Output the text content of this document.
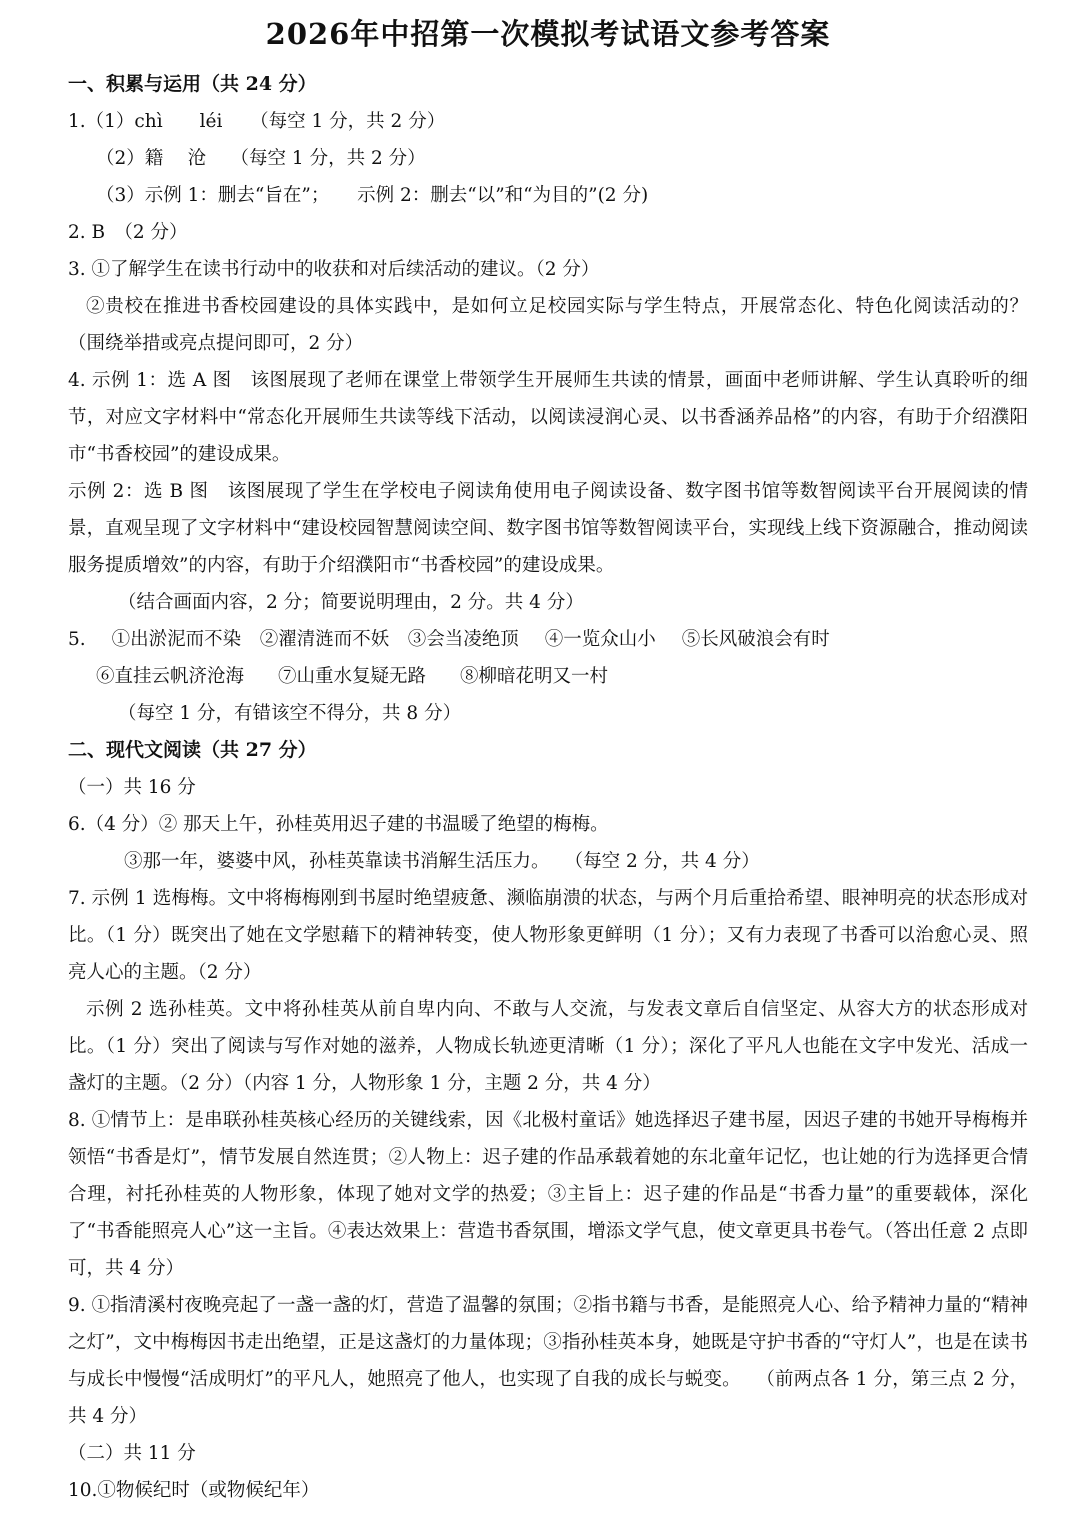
2026年中招第一次模拟考试语文参考答案
一、积累与运用（共 24 分）
1.（1）chì　　léi　　（每空 1 分，共 2 分）
（2）籍　 沧　 （每空 1 分，共 2 分）
（3）示例 1：删去“旨在”；　　示例 2：删去“以”和“为目的”(2 分)
2. B　（2 分）
3. ①了解学生在读书行动中的收获和对后续活动的建议。（2 分）
②贵校在推进书香校园建设的具体实践中，是如何立足校园实际与学生特点，开展常态化、特色化阅读活动的？（围绕举措或亮点提问即可，2 分）
4. 示例 1：选 A 图　该图展现了老师在课堂上带领学生开展师生共读的情景，画面中老师讲解、学生认真聆听的细节，对应文字材料中“常态化开展师生共读等线下活动，以阅读浸润心灵、以书香涵养品格”的内容，有助于介绍濮阳市“书香校园”的建设成果。
示例 2：选 B 图　该图展现了学生在学校电子阅读角使用电子阅读设备、数字图书馆等数智阅读平台开展阅读的情景，直观呈现了文字材料中“建设校园智慧阅读空间、数字图书馆等数智阅读平台，实现线上线下资源融合，推动阅读服务提质增效”的内容，有助于介绍濮阳市“书香校园”的建设成果。
（结合画面内容，2 分；简要说明理由，2 分。共 4 分）
5. ①出淤泥而不染　 ②濯清涟而不妖　 ③会当凌绝顶 ④一览众山小 ⑤长风破浪会有时
⑥直挂云帆济沧海 ⑦山重水复疑无路 ⑧柳暗花明又一村
（每空 1 分，有错该空不得分，共 8 分）
二、现代文阅读（共 27 分）
（一）共 16 分
6.（4 分）② 那天上午，孙桂英用迟子建的书温暖了绝望的梅梅。
③那一年，婆婆中风，孙桂英靠读书消解生活压力。　 （每空 2 分，共 4 分）
7. 示例 1 选梅梅。文中将梅梅刚到书屋时绝望疲惫、濒临崩溃的状态，与两个月后重拾希望、眼神明亮的状态形成对比。（1 分）既突出了她在文学慰藉下的精神转变，使人物形象更鲜明（1 分）；又有力表现了书香可以治愈心灵、照亮人心的主题。（2 分）
示例 2 选孙桂英。文中将孙桂英从前自卑内向、不敢与人交流，与发表文章后自信坚定、从容大方的状态形成对比。（1 分）突出了阅读与写作对她的滋养，人物成长轨迹更清晰（1 分）；深化了平凡人也能在文字中发光、活成一盏灯的主题。（2 分）（内容 1 分，人物形象 1 分，主题 2 分，共 4 分）
8. ①情节上：是串联孙桂英核心经历的关键线索，因《北极村童话》她选择迟子建书屋，因迟子建的书她开导梅梅并领悟“书香是灯”，情节发展自然连贯；②人物上：迟子建的作品承载着她的东北童年记忆，也让她的行为选择更合情合理，衬托孙桂英的人物形象，体现了她对文学的热爱；③主旨上：迟子建的作品是“书香力量”的重要载体，深化了“书香能照亮人心”这一主旨。④表达效果上：营造书香氛围，增添文学气息，使文章更具书卷气。（答出任意 2 点即可，共 4 分）
9. ①指清溪村夜晚亮起了一盏一盏的灯，营造了温馨的氛围；②指书籍与书香，是能照亮人心、给予精神力量的“精神之灯”，文中梅梅因书走出绝望，正是这盏灯的力量体现；③指孙桂英本身，她既是守护书香的“守灯人”，也是在读书与成长中慢慢“活成明灯”的平凡人，她照亮了他人，也实现了自我的成长与蜕变。　 （前两点各 1 分，第三点 2 分，共 4 分）
（二）共 11 分
10.①物候纪时（或物候纪年）
